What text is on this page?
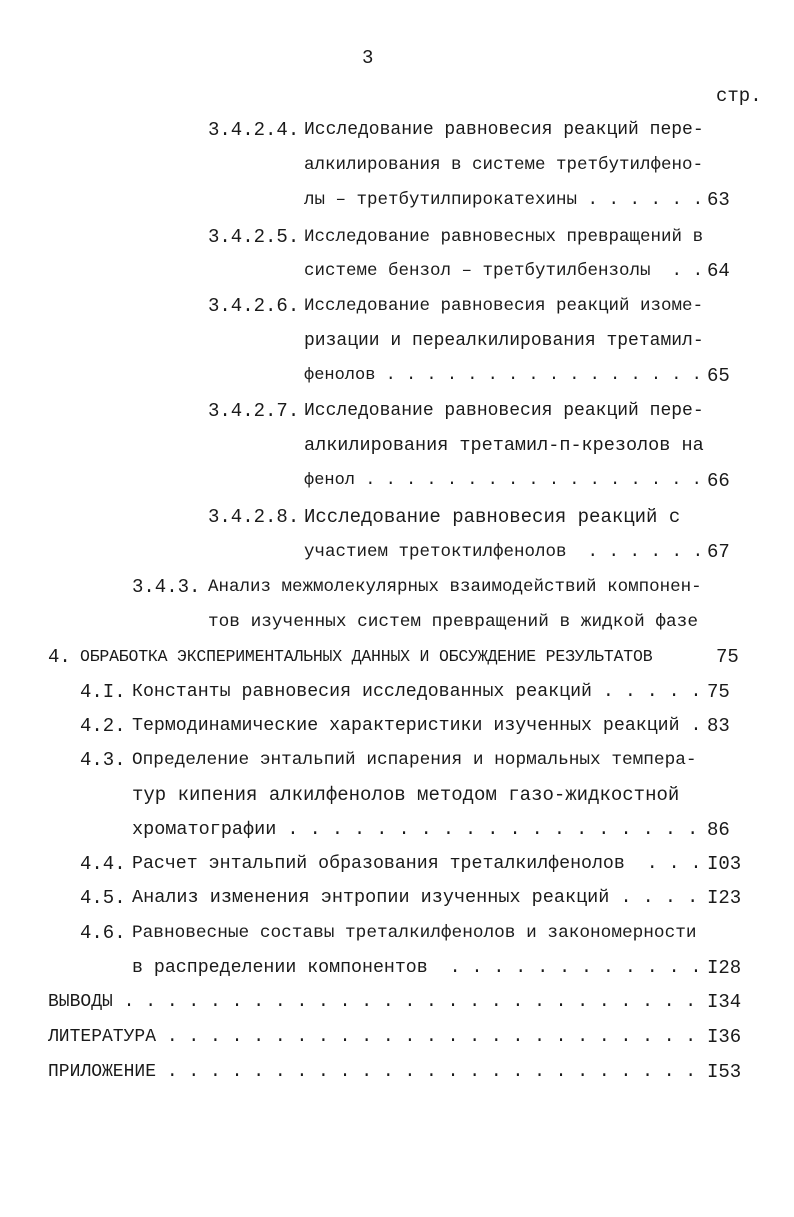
3
стр.
3.4.2.4. Исследование равновесия реакций пере-
алкилирования в системе третбутилфено-
лы – третбутилпирокатехины . . . . . . 63
3.4.2.5. Исследование равновесных превращений в
системе бензол – третбутилбензолы  . . 64
3.4.2.6. Исследование равновесия реакций изоме-
ризации и переалкилирования третамил-
фенолов . . . . . . . . . . . . . . . . 65
3.4.2.7. Исследование равновесия реакций пере-
алкилирования третамил-п-крезолов на
фенол . . . . . . . . . . . . . . . . . 66
3.4.2.8. Исследование равновесия реакций с
участием третоктилфенолов  . . . . . . 67
3.4.3. Анализ межмолекулярных взаимодействий компонен-
тов изученных систем превращений в жидкой фазе
4. ОБРАБОТКА ЭКСПЕРИМЕНТАЛЬНЫХ ДАННЫХ И ОБСУЖДЕНИЕ РЕЗУЛЬТАТОВ	75
4.I. Константы равновесия исследованных реакций . . . . . 75
4.2. Термодинамические характеристики изученных реакций . 83
4.3. Определение энтальпий испарения и нормальных темпера-
тур кипения алкилфенолов методом газо-жидкостной
хроматографии . . . . . . . . . . . . . . . . . . . 86
4.4. Расчет энтальпий образования треталкилфенолов  . . . I03
4.5. Анализ изменения энтропии изученных реакций . . . . I23
4.6. Равновесные составы треталкилфенолов и закономерности
в распределении компонентов  . . . . . . . . . . . . I28
ВЫВОДЫ . . . . . . . . . . . . . . . . . . . . . . . . . . . I34
ЛИТЕРАТУРА . . . . . . . . . . . . . . . . . . . . . . . . . I36
ПРИЛОЖЕНИЕ . . . . . . . . . . . . . . . . . . . . . . . . . I53
